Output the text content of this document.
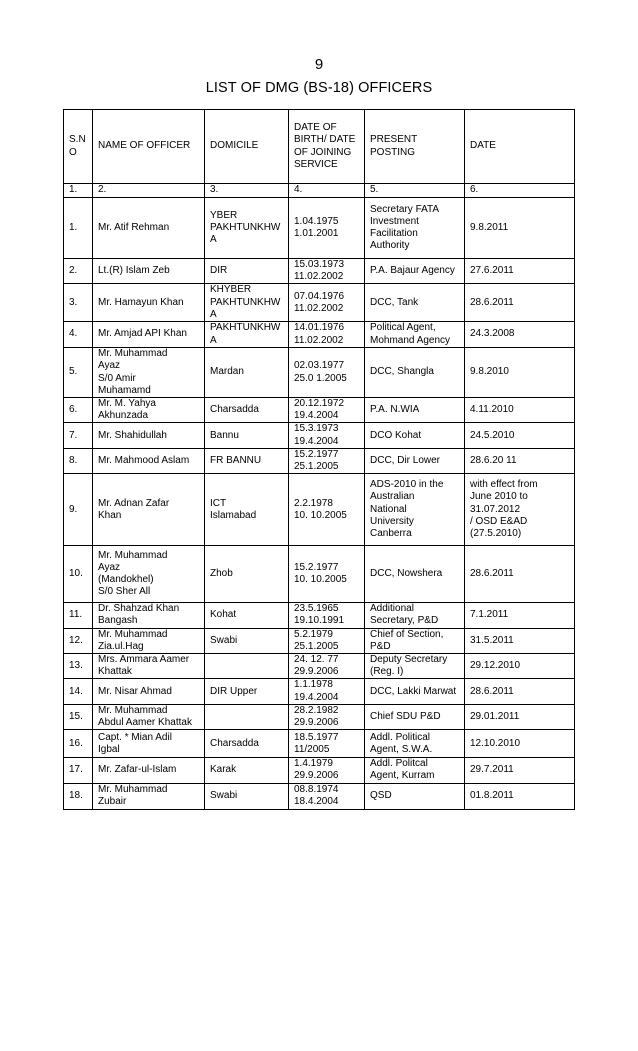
9
LIST OF DMG (BS-18) OFFICERS
S.N O	NAME OF OFFICER	DOMICILE	DATE OF BIRTH/ DATE OF JOINING SERVICE	PRESENT POSTING	DATE
1.	2.	3.	4.	5.	6.

1.	Mr. Atif Rehman	YBER
PAKHTUNKHW
A	1.04.1975
1.01.2001	Secretary FATA
Investment
Facilitation
Authority	9.8.2011

2.	Lt.(R) Islam Zeb	DIR	15.03.1973
11.02.2002	P.A. Bajaur Agency	27.6.2011

3.	Mr. Hamayun Khan	KHYBER
PAKHTUNKHW
A	07.04.1976
11.02.2002	DCC, Tank	28.6.2011

4.	Mr. Amjad API Khan	PAKHTUNKHW
A	14.01.1976
11.02.2002	Political Agent,
Mohmand Agency	24.3.2008

5.	Mr. Muhammad
Ayaz
S/0 Amir
Muhamamd	Mardan	02.03.1977
25.0 1.2005	DCC, Shangla	9.8.2010

6.	Mr. M. Yahya
Akhunzada	Charsadda	20.12.1972
19.4.2004	P.A. N.WIA	4.11.2010

7.	Mr. Shahidullah	Bannu	15.3.1973
19.4.2004	DCO Kohat	24.5.2010

8.	Mr. Mahmood Aslam	FR BANNU	15.2.1977
25.1.2005	DCC, Dir Lower	28.6.20 11

9.	Mr. Adnan Zafar
Khan	ICT
Islamabad	2.2.1978
10. 10.2005	ADS-2010 in the
Australian
National
University
Canberra	with effect from
June 2010 to
31.07.2012
/ OSD E&AD
(27.5.2010)

10.	Mr. Muhammad
Ayaz
(Mandokhel)
S/0 Sher All	Zhob	15.2.1977
10. 10.2005	DCC, Nowshera	28.6.2011

11.	Dr. Shahzad Khan
Bangash	Kohat	23.5.1965
19.10.1991	Additional
Secretary, P&D	7.1.2011

12.	Mr. Muhammad
Zia.ul.Hag	Swabi	5.2.1979
25.1.2005	Chief of Section,
P&D	31.5.2011

13.	Mrs. Ammara Aamer
Khattak		24. 12. 77
29.9.2006	Deputy Secretary
(Reg. I)	29.12.2010

14.	Mr. Nisar Ahmad	DIR Upper	1.1.1978
19.4.2004	DCC, Lakki Marwat	28.6.2011

15.	Mr. Muhammad
Abdul Aamer Khattak		28.2.1982
29.9.2006	Chief SDU P&D	29.01.2011

16.	Capt. * Mian Adil
Igbal	Charsadda	18.5.1977
11/2005	Addl. Political
Agent, S.W.A.	12.10.2010

17.	Mr. Zafar-ul-Islam	Karak	1.4.1979
29.9.2006	Addl. Politcal
Agent, Kurram	29.7.2011

18.	Mr. Muhammad
Zubair	Swabi	08.8.1974
18.4.2004	QSD	01.8.2011
